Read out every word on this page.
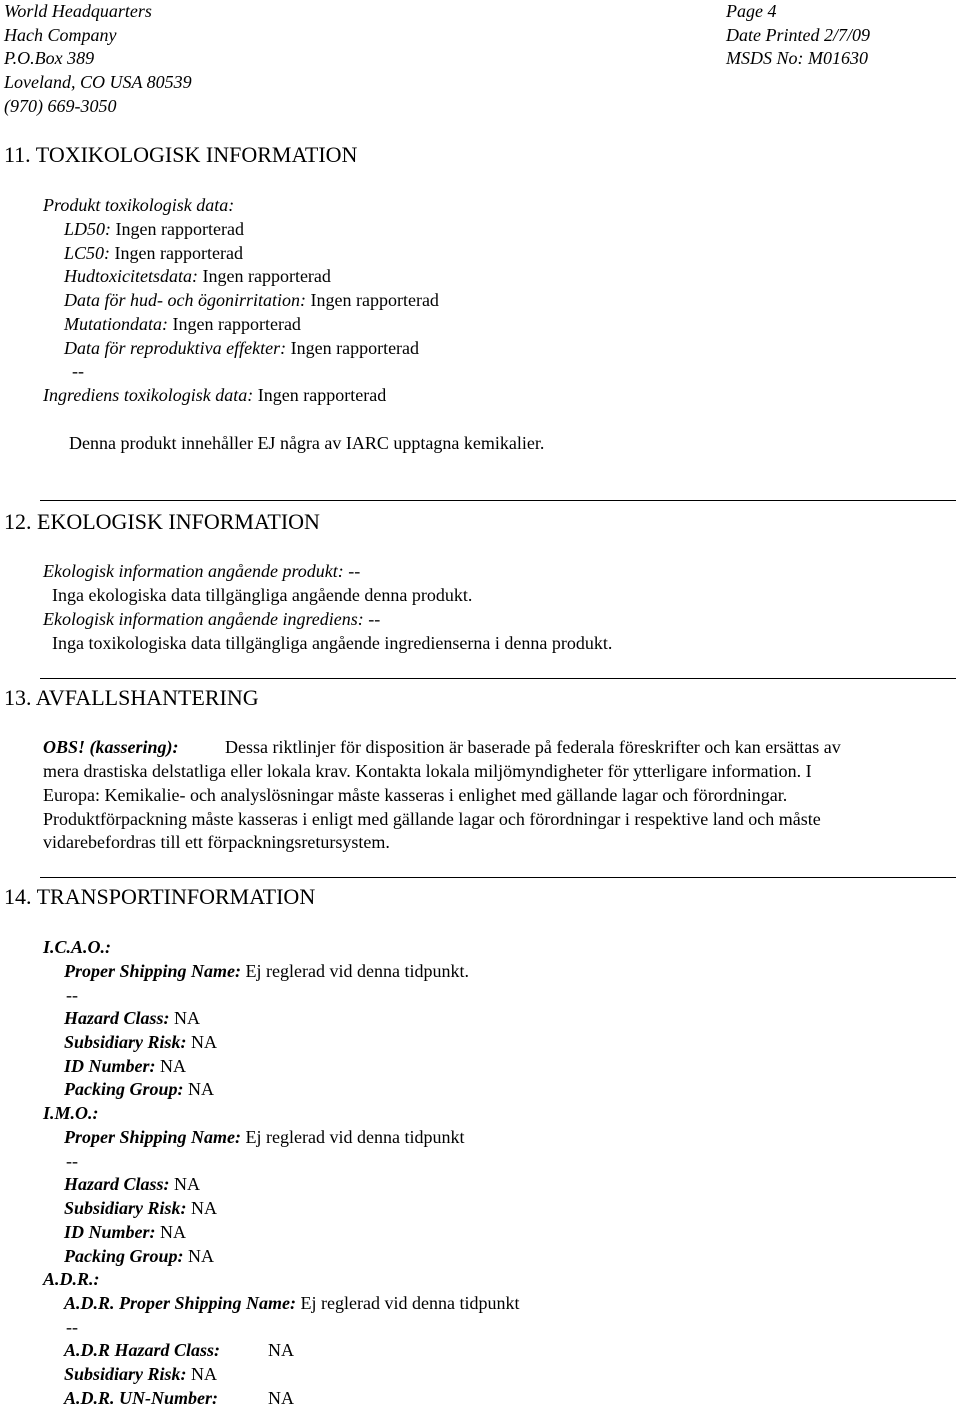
World Headquarters
Hach Company
P.O.Box 389
Loveland, CO USA 80539
(970) 669-3050
Page 4
Date Printed 2/7/09
MSDS No: M01630
11. TOXIKOLOGISK INFORMATION
Produkt toxikologisk data:
LD50: Ingen rapporterad
LC50: Ingen rapporterad
Hudtoxicitetsdata: Ingen rapporterad
Data för hud- och ögonirritation: Ingen rapporterad
Mutationdata: Ingen rapporterad
Data för reproduktiva effekter: Ingen rapporterad
--
Ingrediens toxikologisk data: Ingen rapporterad
Denna produkt innehåller EJ några av IARC upptagna kemikalier.
12. EKOLOGISK INFORMATION
Ekologisk information angående produkt: --
Inga ekologiska data tillgängliga angående denna produkt.
Ekologisk information angående ingrediens: --
Inga toxikologiska data tillgängliga angående ingredienserna i denna produkt.
13. AVFALLSHANTERING
OBS! (kassering):	Dessa riktlinjer för disposition är baserade på federala föreskrifter och kan ersättas av
mera drastiska delstatliga eller lokala krav. Kontakta lokala miljömyndigheter för ytterligare information. I
Europa: Kemikalie- och analyslösningar måste kasseras i enlighet med gällande lagar och förordningar.
Produktförpackning måste kasseras i enligt med gällande lagar och förordningar i respektive land och måste
vidarebefordras till ett förpackningsretursystem.
14. TRANSPORTINFORMATION
I.C.A.O.:
Proper Shipping Name: Ej reglerad vid denna tidpunkt.
--
Hazard Class: NA
Subsidiary Risk: NA
ID Number: NA
Packing Group: NA
I.M.O.:
Proper Shipping Name: Ej reglerad vid denna tidpunkt
--
Hazard Class: NA
Subsidiary Risk: NA
ID Number: NA
Packing Group: NA
A.D.R.:
A.D.R. Proper Shipping Name: Ej reglerad vid denna tidpunkt
--
A.D.R Hazard Class:	NA
Subsidiary Risk: NA
A.D.R. UN-Number:	NA
